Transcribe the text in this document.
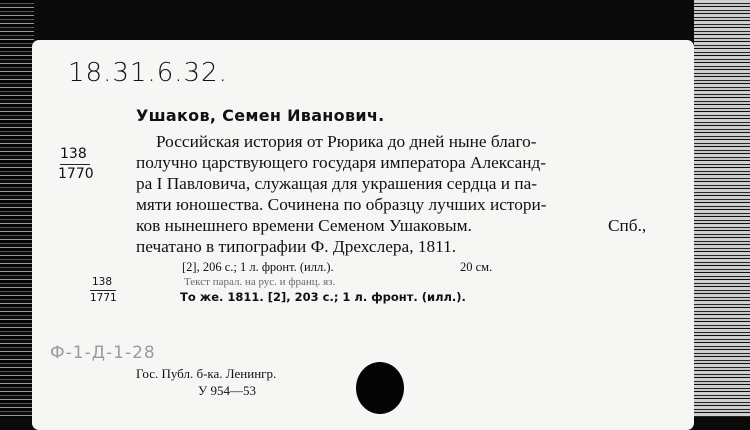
18.31.6.32.
Ушаков, Семен Иванович.
138
1770
Российская история от Рюрика до дней ныне благо-
получно царствующего государя императора Александ-
ра I Павловича, служащая для украшения сердца и па-
мяти юношества. Сочинена по образцу лучших истори-
ков нынешнего времени Семеном Ушаковым.	Спб.,
печатано в типографии Ф. Дрехслера, 1811.
[2], 206 с.; 1 л. фронт. (илл.).	20 см.
138
1771
Текст парал. на рус. и франц. яз.
То же. 1811. [2], 203 с.; 1 л. фронт. (илл.).
Ф-1-Д-1-28
Гос. Публ. б-ка. Ленингр.
У 954—53
